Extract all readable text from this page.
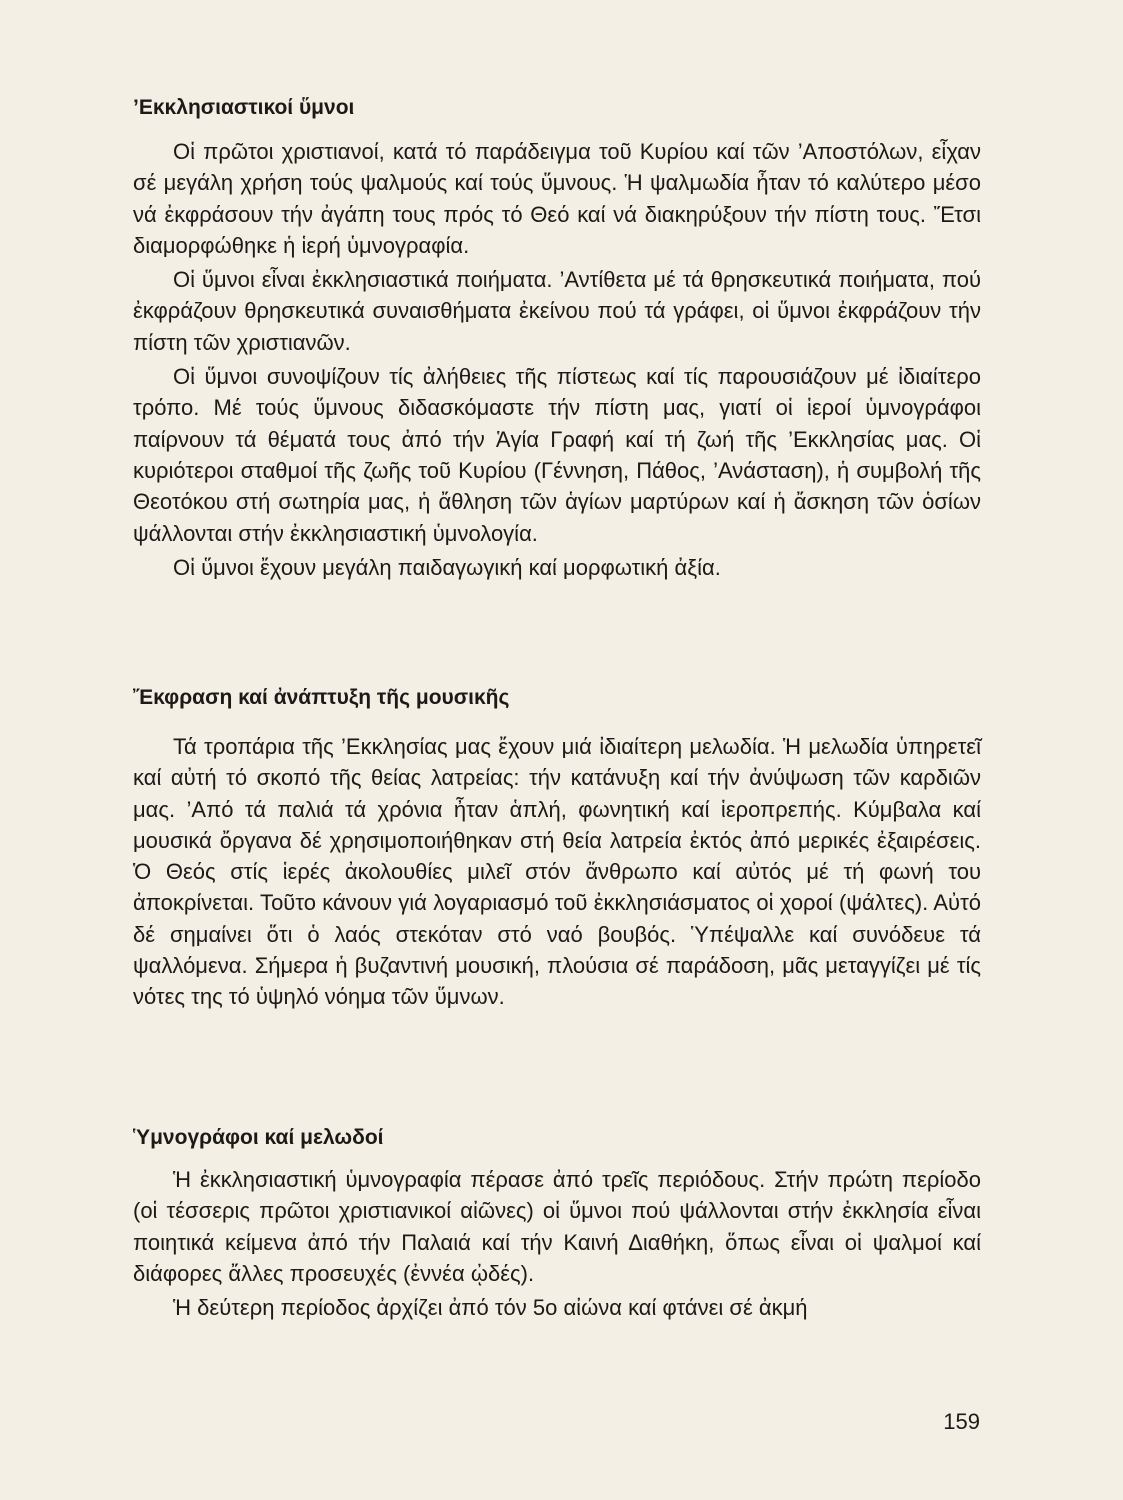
’Εκκλησιαστικοί ὕμνοι

Οἱ πρῶτοι χριστιανοί, κατά τό παράδειγμα τοῦ Κυρίου καί τῶν ’Αποστόλων, εἶχαν σέ μεγάλη χρήση τούς ψαλμούς καί τούς ὕμνους. Ἡ ψαλμωδία ἦταν τό καλύτερο μέσο νά ἐκφράσουν τήν ἀγάπη τους πρός τό Θεό καί νά διακηρύξουν τήν πίστη τους. Ἔτσι διαμορφώθηκε ἡ ἱερή ὑμνογραφία.

Οἱ ὕμνοι εἶναι ἐκκλησιαστικά ποιήματα. ’Αντίθετα μέ τά θρησκευτικά ποιήματα, πού ἐκφράζουν θρησκευτικά συναισθήματα ἐκείνου πού τά γράφει, οἱ ὕμνοι ἐκφράζουν τήν πίστη τῶν χριστιανῶν.

Οἱ ὕμνοι συνοψίζουν τίς ἀλήθειες τῆς πίστεως καί τίς παρουσιάζουν μέ ἰδιαίτερο τρόπο. Μέ τούς ὕμνους διδασκόμαστε τήν πίστη μας, γιατί οἱ ἱεροί ὑμνογράφοι παίρνουν τά θέματά τους ἀπό τήν Ἁγία Γραφή καί τή ζωή τῆς ’Εκκλησίας μας. Οἱ κυριότεροι σταθμοί τῆς ζωῆς τοῦ Κυρίου (Γέννηση, Πάθος, ’Ανάσταση), ἡ συμβολή τῆς Θεοτόκου στή σωτηρία μας, ἡ ἄθληση τῶν ἁγίων μαρτύρων καί ἡ ἄσκηση τῶν ὁσίων ψάλλονται στήν ἐκκλησιαστική ὑμνολογία.

Οἱ ὕμνοι ἔχουν μεγάλη παιδαγωγική καί μορφωτική ἀξία.

Ἔκφραση καί ἀνάπτυξη τῆς μουσικῆς

Τά τροπάρια τῆς ’Εκκλησίας μας ἔχουν μιά ἰδιαίτερη μελωδία. Ἡ μελωδία ὑπηρετεῖ καί αὐτή τό σκοπό τῆς θείας λατρείας: τήν κατάνυξη καί τήν ἀνύψωση τῶν καρδιῶν μας. ’Από τά παλιά τά χρόνια ἦταν ἁπλή, φωνητική καί ἱεροπρεπής. Κύμβαλα καί μουσικά ὄργανα δέ χρησιμοποιήθηκαν στή θεία λατρεία ἐκτός ἀπό μερικές ἐξαιρέσεις. Ὁ Θεός στίς ἱερές ἀκολουθίες μιλεῖ στόν ἄνθρωπο καί αὐτός μέ τή φωνή του ἀποκρίνεται. Τοῦτο κάνουν γιά λογαριασμό τοῦ ἐκκλησιάσματος οἱ χοροί (ψάλτες). Αὐτό δέ σημαίνει ὅτι ὁ λαός στεκόταν στό ναό βουβός. Ὑπέψαλλε καί συνόδευε τά ψαλλόμενα. Σήμερα ἡ βυζαντινή μουσική, πλούσια σέ παράδοση, μᾶς μεταγγίζει μέ τίς νότες της τό ὑψηλό νόημα τῶν ὕμνων.

Ὑμνογράφοι καί μελωδοί

Ἡ ἐκκλησιαστική ὑμνογραφία πέρασε ἀπό τρεῖς περιόδους. Στήν πρώτη περίοδο (οἱ τέσσερις πρῶτοι χριστιανικοί αἰῶνες) οἱ ὕμνοι πού ψάλλονται στήν ἐκκλησία εἶναι ποιητικά κείμενα ἀπό τήν Παλαιά καί τήν Καινή Διαθήκη, ὅπως εἶναι οἱ ψαλμοί καί διάφορες ἄλλες προσευχές (ἐννέα ᾠδές).

Ἡ δεύτερη περίοδος ἀρχίζει ἀπό τόν 5ο αἰώνα καί φτάνει σέ ἀκμή

159
